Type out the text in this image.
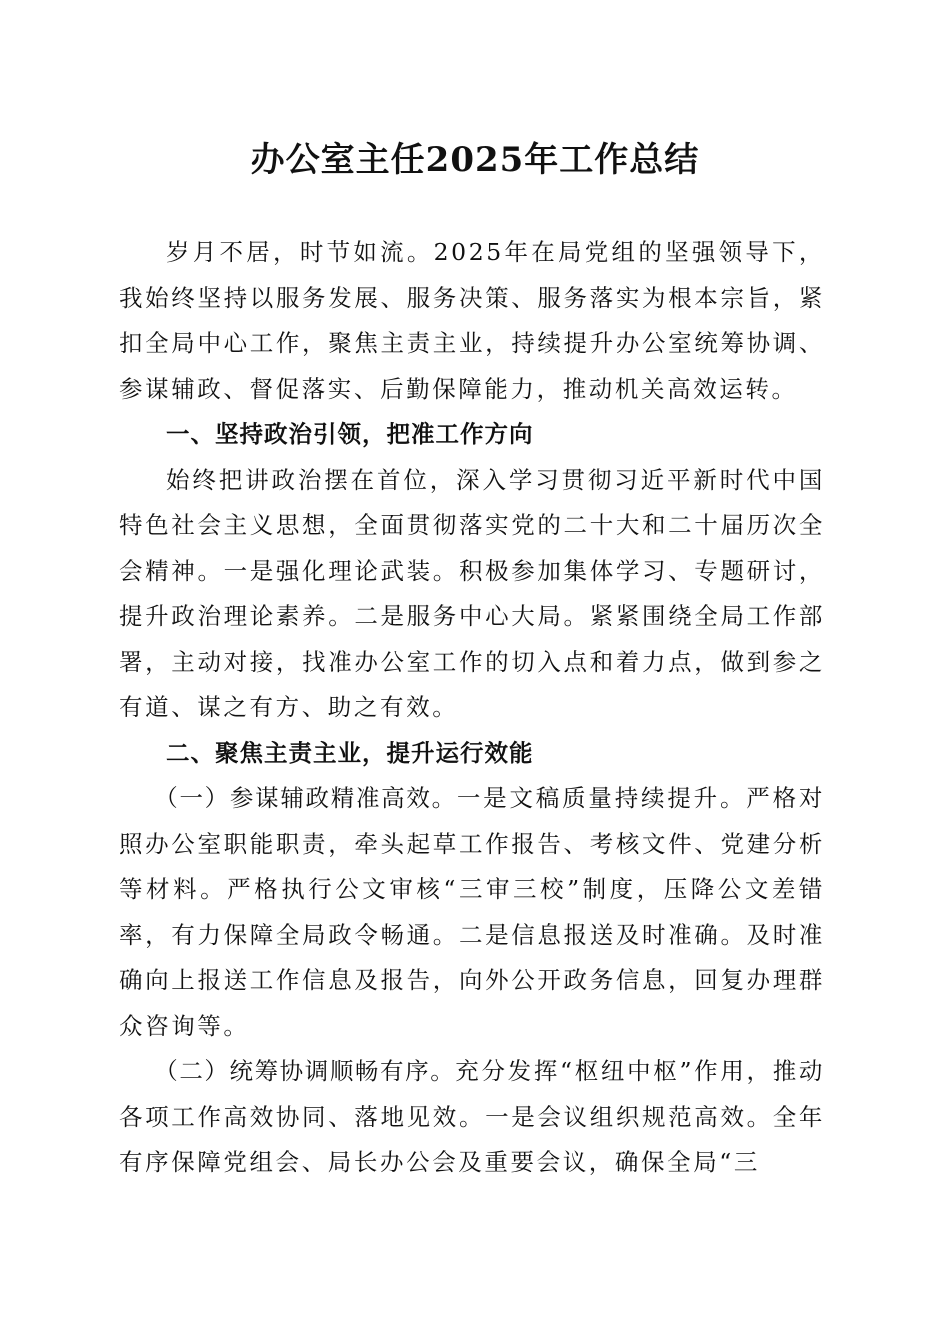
办公室主任2025年工作总结

岁月不居，时节如流。2025年在局党组的坚强领导下，我始终坚持以服务发展、服务决策、服务落实为根本宗旨，紧扣全局中心工作，聚焦主责主业，持续提升办公室统筹协调、参谋辅政、督促落实、后勤保障能力，推动机关高效运转。

一、坚持政治引领，把准工作方向

始终把讲政治摆在首位，深入学习贯彻习近平新时代中国特色社会主义思想，全面贯彻落实党的二十大和二十届历次全会精神。一是强化理论武装。积极参加集体学习、专题研讨，提升政治理论素养。二是服务中心大局。紧紧围绕全局工作部署，主动对接，找准办公室工作的切入点和着力点，做到参之有道、谋之有方、助之有效。

二、聚焦主责主业，提升运行效能

（一）参谋辅政精准高效。一是文稿质量持续提升。严格对照办公室职能职责，牵头起草工作报告、考核文件、党建分析等材料。严格执行公文审核“三审三校”制度，压降公文差错率，有力保障全局政令畅通。二是信息报送及时准确。及时准确向上报送工作信息及报告，向外公开政务信息，回复办理群众咨询等。

（二）统筹协调顺畅有序。充分发挥“枢纽中枢”作用，推动各项工作高效协同、落地见效。一是会议组织规范高效。全年有序保障党组会、局长办公会及重要会议，确保全局“三
